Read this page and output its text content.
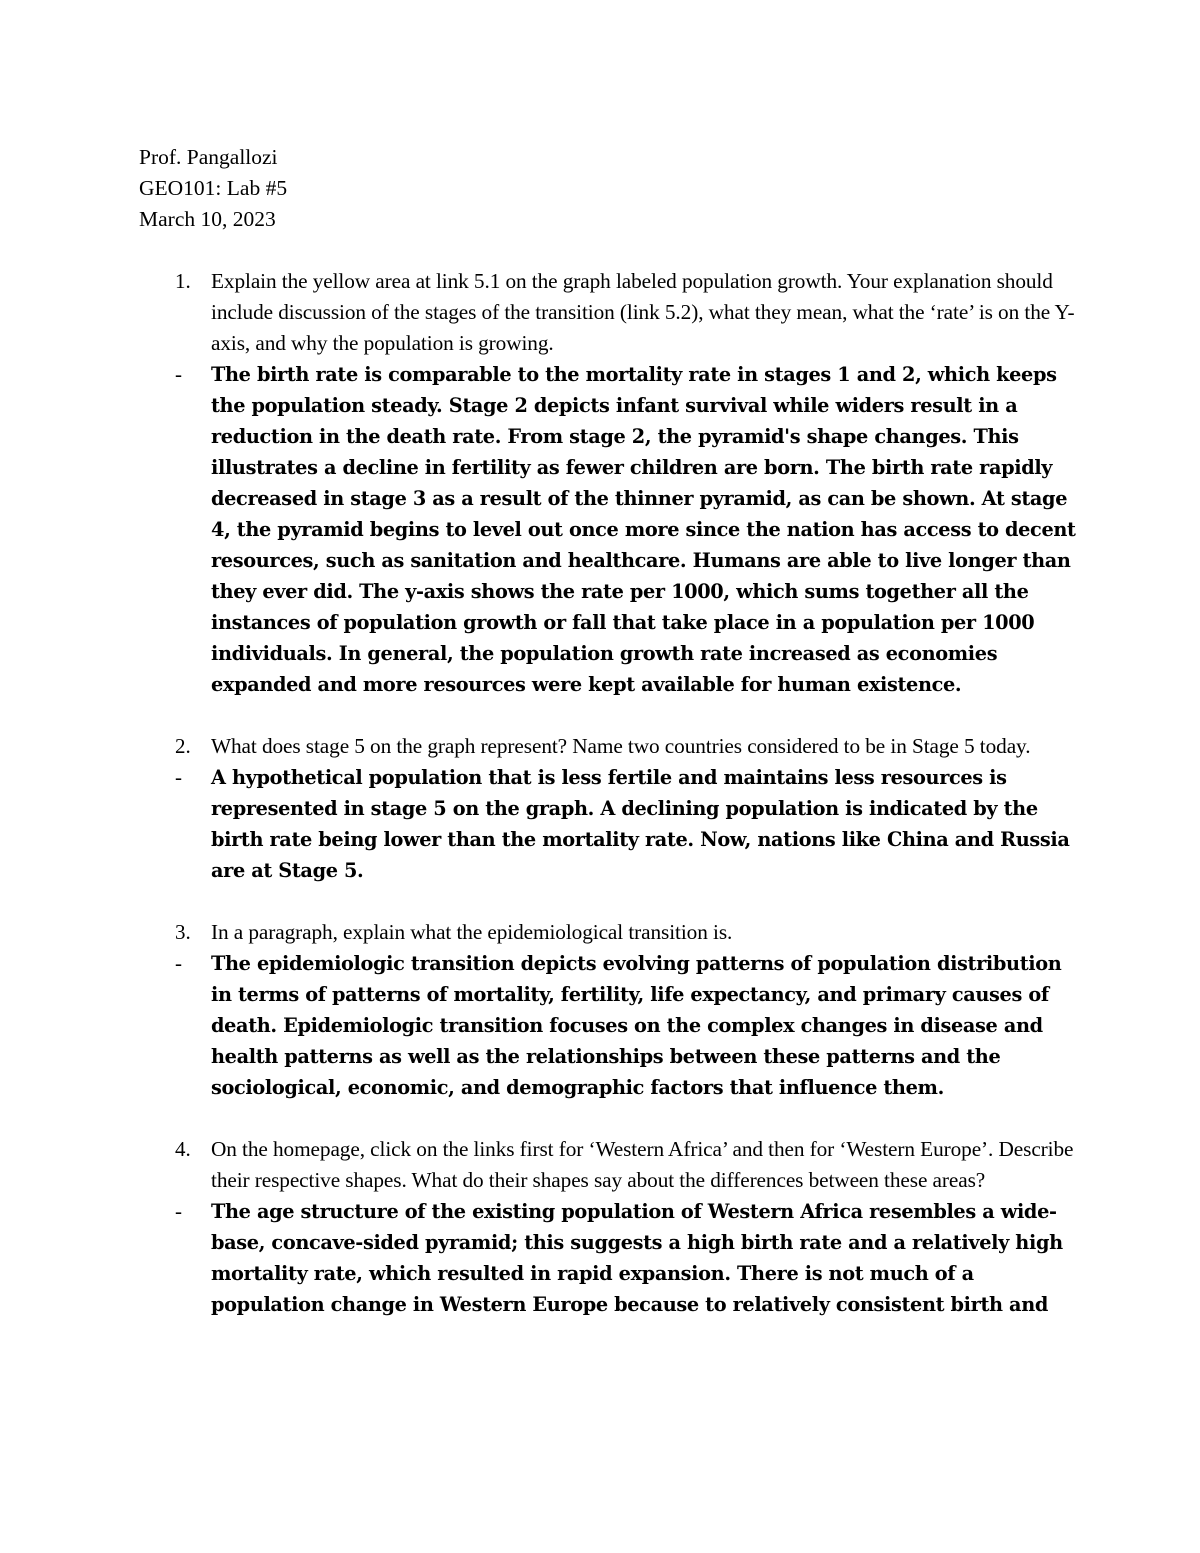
Prof. Pangallozi
GEO101: Lab #5
March 10, 2023
1. Explain the yellow area at link 5.1 on the graph labeled population growth. Your explanation should include discussion of the stages of the transition (link 5.2), what they mean, what the ‘rate’ is on the Y-axis, and why the population is growing.
-	The birth rate is comparable to the mortality rate in stages 1 and 2, which keeps the population steady. Stage 2 depicts infant survival while widers result in a reduction in the death rate. From stage 2, the pyramid's shape changes. This illustrates a decline in fertility as fewer children are born. The birth rate rapidly decreased in stage 3 as a result of the thinner pyramid, as can be shown. At stage 4, the pyramid begins to level out once more since the nation has access to decent resources, such as sanitation and healthcare. Humans are able to live longer than they ever did. The y-axis shows the rate per 1000, which sums together all the instances of population growth or fall that take place in a population per 1000 individuals. In general, the population growth rate increased as economies expanded and more resources were kept available for human existence.
2. What does stage 5 on the graph represent? Name two countries considered to be in Stage 5 today.
-	A hypothetical population that is less fertile and maintains less resources is represented in stage 5 on the graph. A declining population is indicated by the birth rate being lower than the mortality rate. Now, nations like China and Russia are at Stage 5.
3. In a paragraph, explain what the epidemiological transition is.
-	The epidemiologic transition depicts evolving patterns of population distribution in terms of patterns of mortality, fertility, life expectancy, and primary causes of death. Epidemiologic transition focuses on the complex changes in disease and health patterns as well as the relationships between these patterns and the sociological, economic, and demographic factors that influence them.
4. On the homepage, click on the links first for ‘Western Africa’ and then for ‘Western Europe’. Describe their respective shapes. What do their shapes say about the differences between these areas?
-	The age structure of the existing population of Western Africa resembles a wide-base, concave-sided pyramid; this suggests a high birth rate and a relatively high mortality rate, which resulted in rapid expansion. There is not much of a population change in Western Europe because to relatively consistent birth and
